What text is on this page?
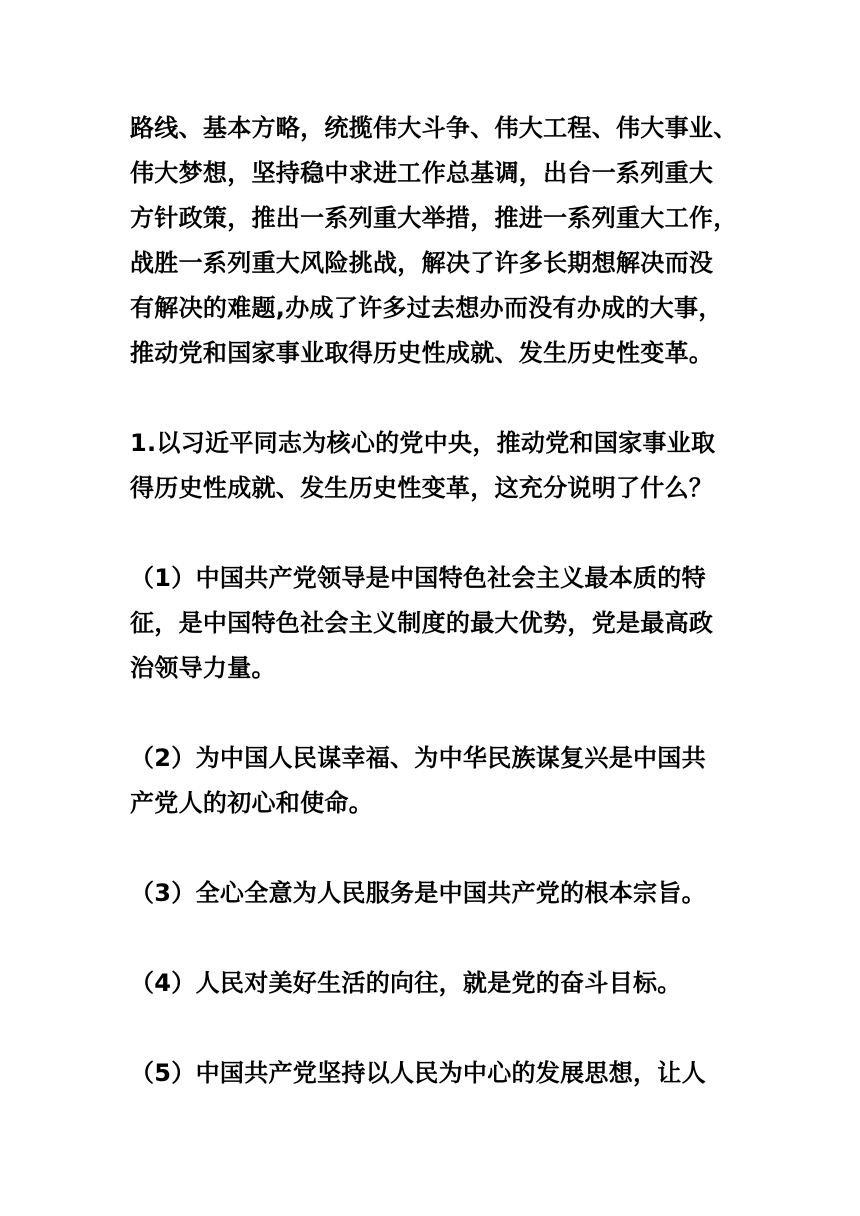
路线、基本方略，统揽伟大斗争、伟大工程、伟大事业、
伟大梦想，坚持稳中求进工作总基调，出台一系列重大
方针政策，推出一系列重大举措，推进一系列重大工作，
战胜一系列重大风险挑战，解决了许多长期想解决而没
有解决的难题,办成了许多过去想办而没有办成的大事，
推动党和国家事业取得历史性成就、发生历史性变革。
1.以习近平同志为核心的党中央，推动党和国家事业取
得历史性成就、发生历史性变革，这充分说明了什么？
（1）中国共产党领导是中国特色社会主义最本质的特
征，是中国特色社会主义制度的最大优势，党是最高政
治领导力量。
（2）为中国人民谋幸福、为中华民族谋复兴是中国共
产党人的初心和使命。
（3）全心全意为人民服务是中国共产党的根本宗旨。
（4）人民对美好生活的向往，就是党的奋斗目标。
（5）中国共产党坚持以人民为中心的发展思想，让人
